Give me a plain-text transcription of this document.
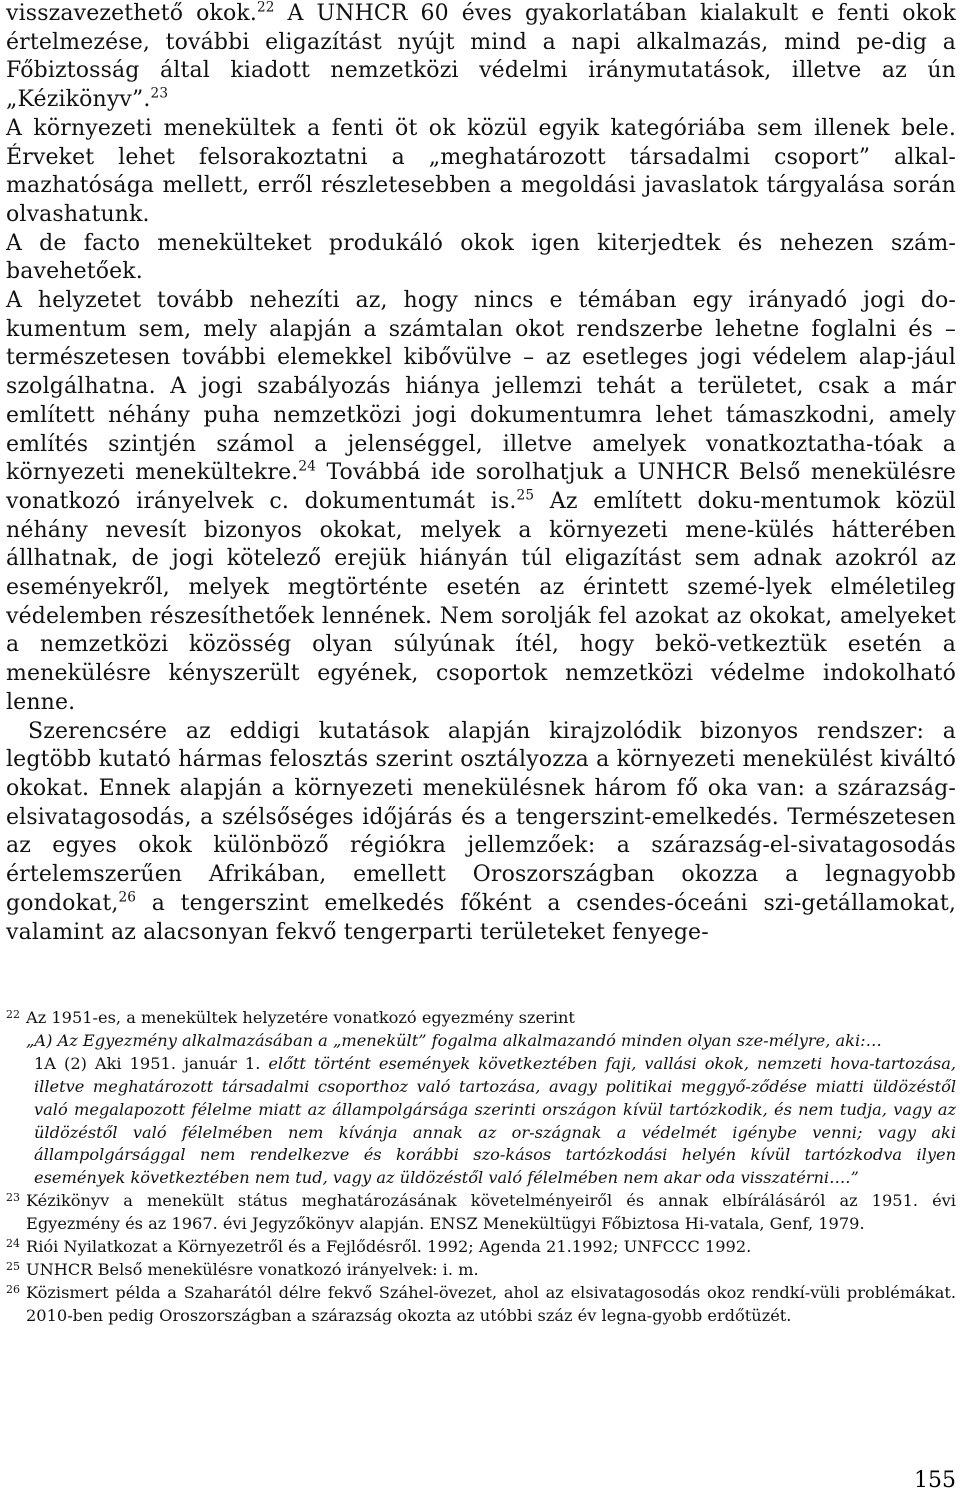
visszavezethető okok.$^{22}$ A UNHCR 60 éves gyakorlatában kialakult e fenti okok értelmezése, további eligazítást nyújt mind a napi alkalmazás, mind pe-dig a Főbiztosság által kiadott nemzetközi védelmi iránymutatások, illetve az ún „Kézikönyv”.$^{23}$

A környezeti menekültek a fenti öt ok közül egyik kategóriába sem illenek bele. Érveket lehet felsorakoztatni a „meghatározott társadalmi csoport” alkal-mazhatósága mellett, erről részletesebben a megoldási javaslatok tárgyalása során olvashatunk.

A de facto menekülteket produkáló okok igen kiterjedtek és nehezen szám-bavehetőek.

A helyzetet tovább nehezíti az, hogy nincs e témában egy irányadó jogi do-kumentum sem, mely alapján a számtalan okot rendszerbe lehetne foglalni és – természetesen további elemekkel kibővülve – az esetleges jogi védelem alap-jául szolgálhatna. A jogi szabályozás hiánya jellemzi tehát a területet, csak a már említett néhány puha nemzetközi jogi dokumentumra lehet támaszkodni, amely említés szintjén számol a jelenséggel, illetve amelyek vonatkoztatha-tóak a környezeti menekültekre.$^{24}$ Továbbá ide sorolhatjuk a UNHCR Belső menekülésre vonatkozó irányelvek c. dokumentumát is.$^{25}$ Az említett doku-mentumok közül néhány nevesít bizonyos okokat, melyek a környezeti mene-külés hátterében állhatnak, de jogi kötelező erejük hiányán túl eligazítást sem adnak azokról az eseményekről, melyek megtörténte esetén az érintett szemé-lyek elméletileg védelemben részesíthetőek lennének. Nem sorolják fel azokat az okokat, amelyeket a nemzetközi közösség olyan súlyúnak ítél, hogy bekö-vetkeztük esetén a menekülésre kényszerült egyének, csoportok nemzetközi védelme indokolható lenne.

Szerencsére az eddigi kutatások alapján kirajzolódik bizonyos rendszer: a legtöbb kutató hármas felosztás szerint osztályozza a környezeti menekülést kiváltó okokat. Ennek alapján a környezeti menekülésnek három fő oka van: a szárazság-elsivatagosodás, a szélsőséges időjárás és a tengerszint-emelkedés. Természetesen az egyes okok különböző régiókra jellemzőek: a szárazság-el-sivatagosodás értelemszerűen Afrikában, emellett Oroszországban okozza a legnagyobb gondokat,$^{26}$ a tengerszint emelkedés főként a csendes-óceáni szi-getállamokat, valamint az alacsonyan fekvő tengerparti területeket fenyege-

22 Az 1951-es, a menekültek helyzetére vonatkozó egyezmény szerint
„A) Az Egyezmény alkalmazásában a „menekült” fogalma alkalmazandó minden olyan sze-mélyre, aki:…
1A (2) Aki 1951. január 1. előtt történt események következtében faji, vallási okok, nemzeti hova-tartozása, illetve meghatározott társadalmi csoporthoz való tartozása, avagy politikai meggyő-ződése miatti üldözéstől való megalapozott félelme miatt az állampolgársága szerinti országon kívül tartózkodik, és nem tudja, vagy az üldözéstől való félelmében nem kívánja annak az or-szágnak a védelmét igénybe venni; vagy aki állampolgársággal nem rendelkezve és korábbi szo-kásos tartózkodási helyén kívül tartózkodva ilyen események következtében nem tud, vagy az üldözéstől való félelmében nem akar oda visszatérni….”
23 Kézikönyv a menekült státus meghatározásának követelményeiről és annak elbírálásáról az 1951. évi Egyezmény és az 1967. évi Jegyzőkönyv alapján. ENSZ Menekültügyi Főbiztosa Hi-vatala, Genf, 1979.
24 Rióі Nyilatkozat a Környezetről és a Fejlődésről. 1992; Agenda 21.1992; UNFCCC 1992.
25 UNHCR Belső menekülésre vonatkozó irányelvek: i. m.
26 Közismert példa a Szaharától délre fekvő Száhel-övezet, ahol az elsivatagosodás okoz rendkí-vüli problémákat. 2010-ben pedig Oroszországban a szárazság okozta az utóbbi száz év legna-gyobb erdőtüzét.
155
